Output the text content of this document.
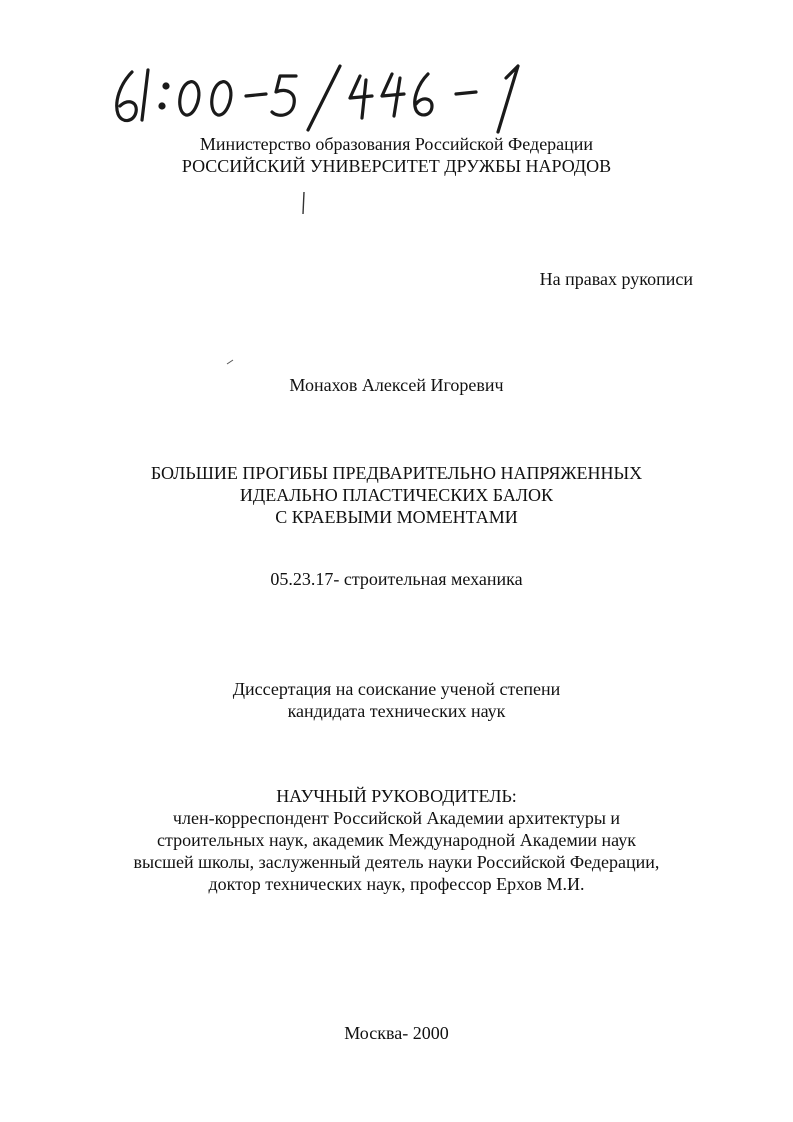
Министерство образования Российской Федерации
РОССИЙСКИЙ УНИВЕРСИТЕТ ДРУЖБЫ НАРОДОВ
На правах рукописи
Монахов Алексей Игоревич
БОЛЬШИЕ ПРОГИБЫ ПРЕДВАРИТЕЛЬНО НАПРЯЖЕННЫХ
ИДЕАЛЬНО ПЛАСТИЧЕСКИХ БАЛОК
С КРАЕВЫМИ МОМЕНТАМИ
05.23.17- строительная механика
Диссертация на соискание ученой степени
кандидата технических наук
НАУЧНЫЙ РУКОВОДИТЕЛЬ:
член-корреспондент Российской Академии архитектуры и
строительных наук, академик Международной Академии наук
высшей школы, заслуженный деятель науки Российской Федерации,
доктор технических наук, профессор Ерхов М.И.
Москва- 2000
